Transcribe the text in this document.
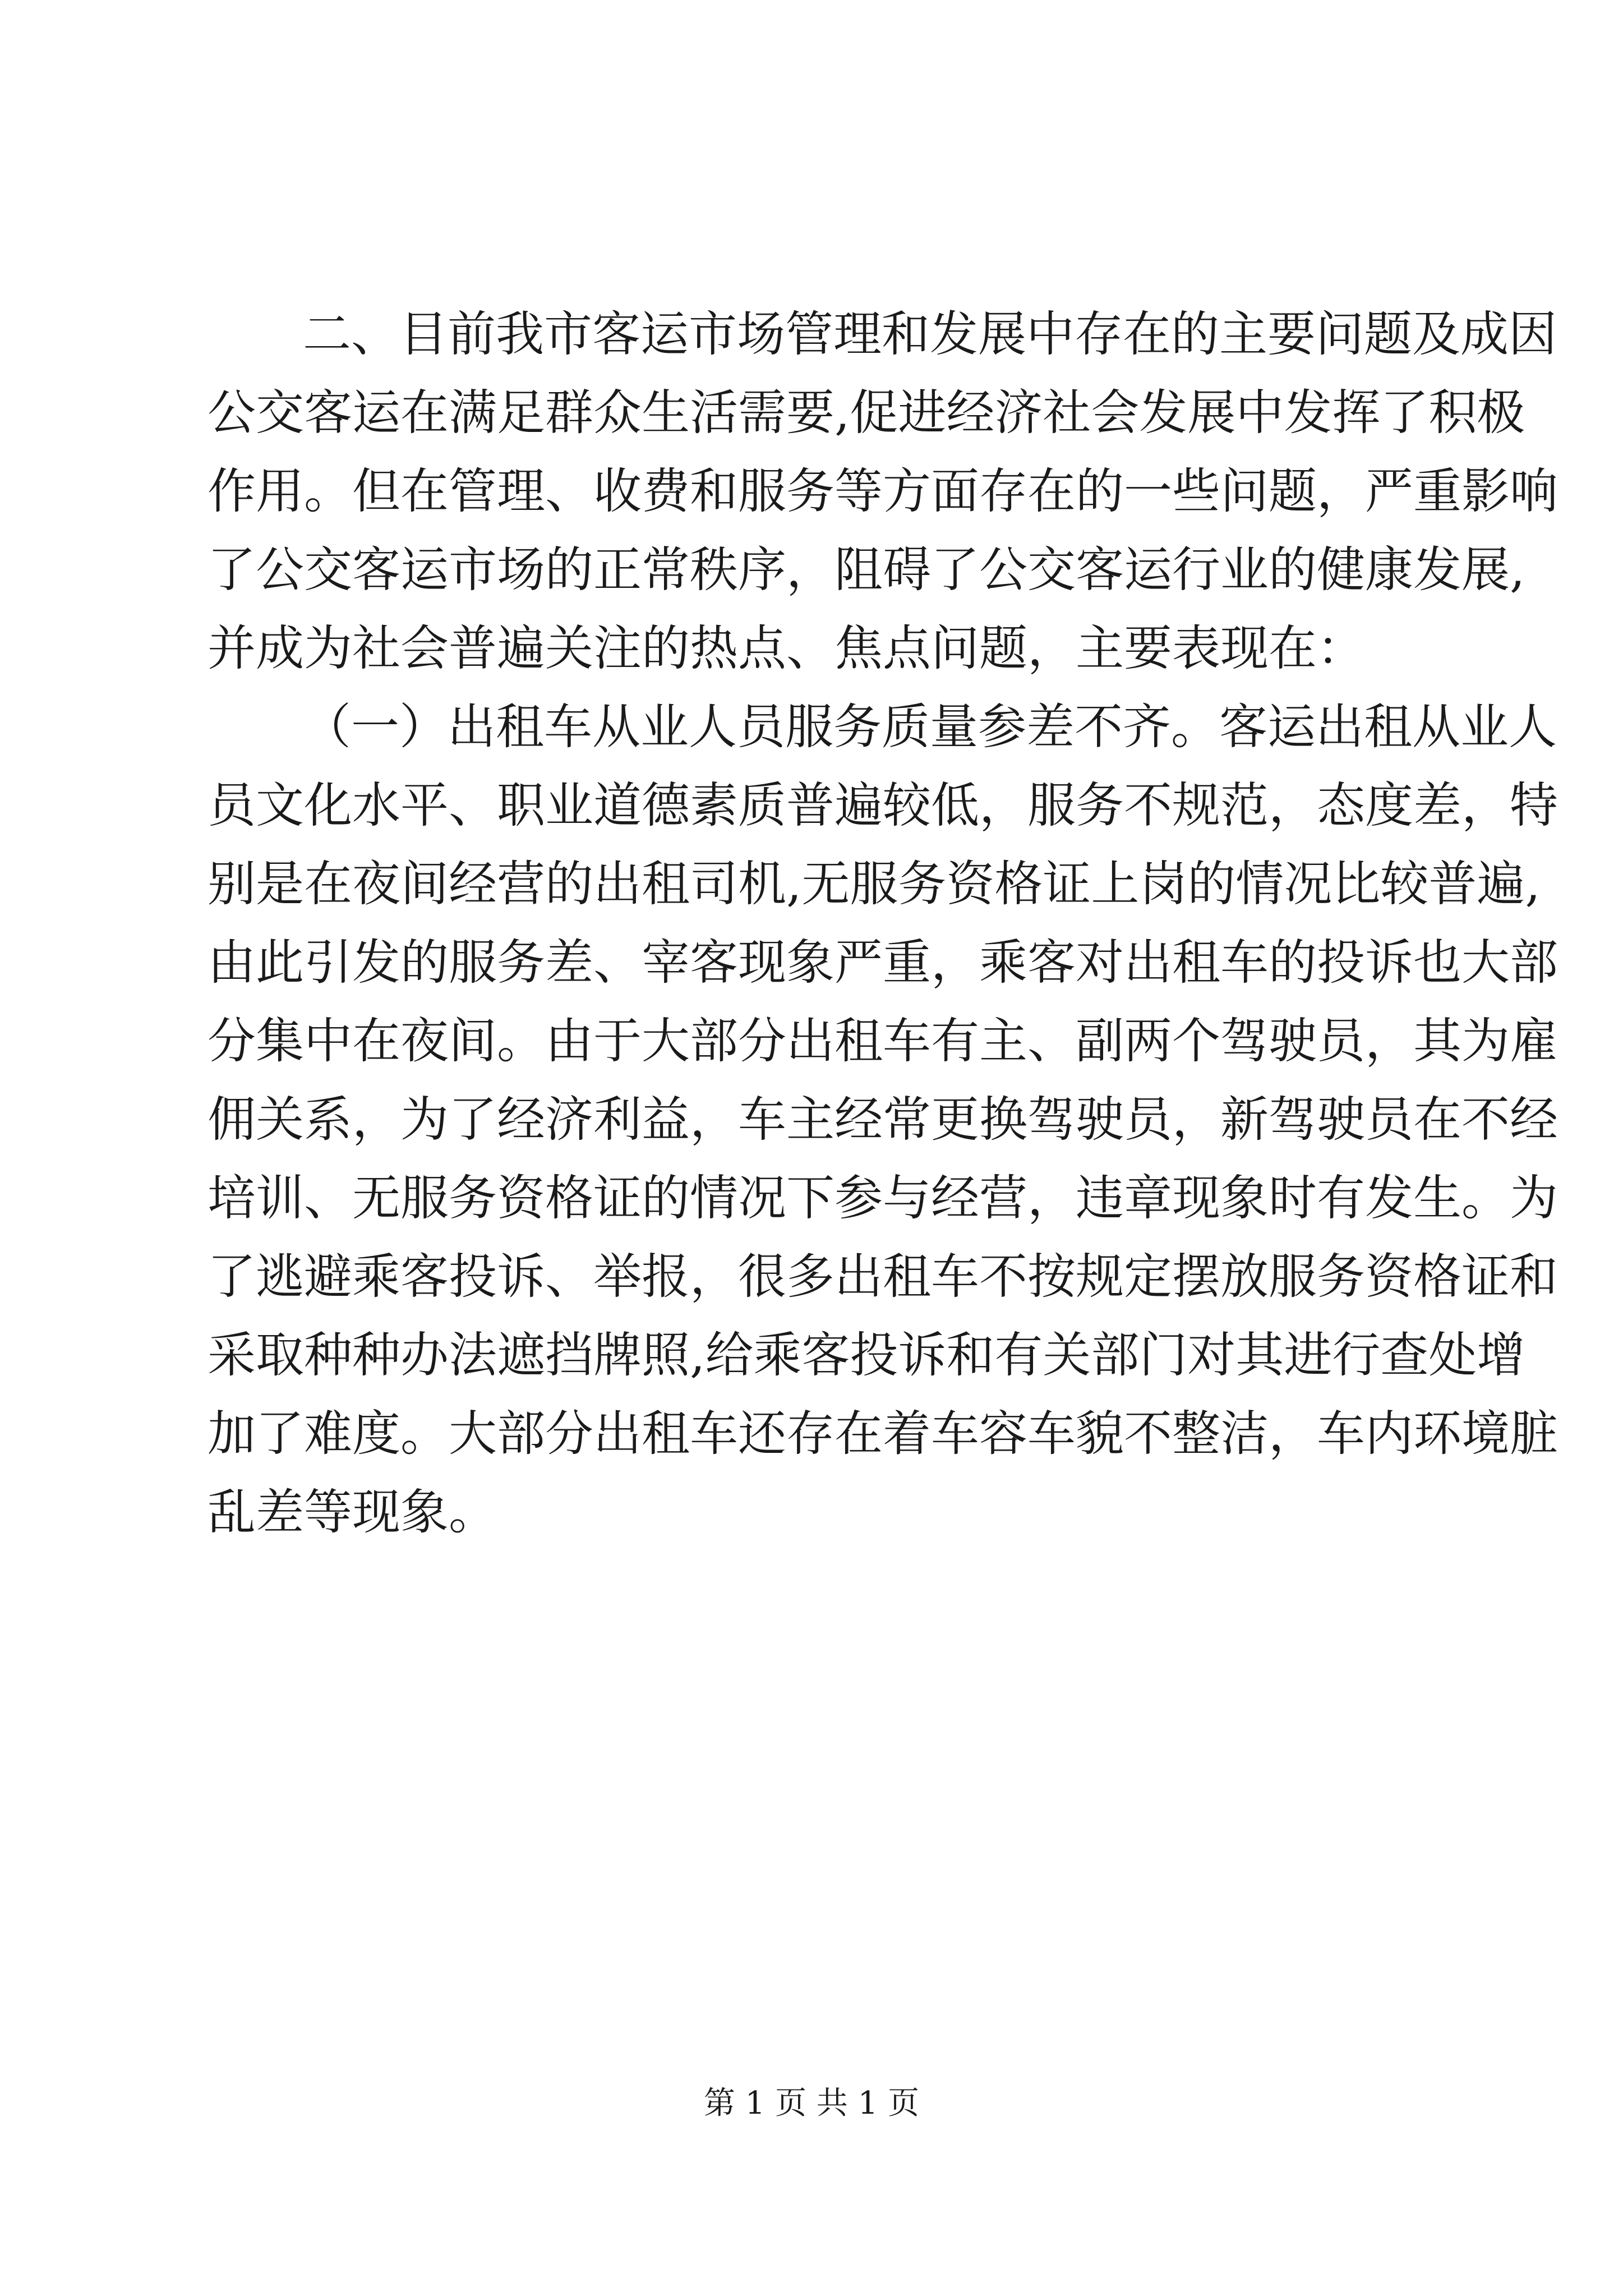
二、目前我市客运市场管理和发展中存在的主要问题及成因
公交客运在满足群众生活需要,促进经济社会发展中发挥了积极
作用。但在管理、收费和服务等方面存在的一些问题，严重影响
了公交客运市场的正常秩序，阻碍了公交客运行业的健康发展,
并成为社会普遍关注的热点、焦点问题，主要表现在：
（一）出租车从业人员服务质量参差不齐。客运出租从业人
员文化水平、职业道德素质普遍较低，服务不规范，态度差，特
别是在夜间经营的出租司机,无服务资格证上岗的情况比较普遍,
由此引发的服务差、宰客现象严重，乘客对出租车的投诉也大部
分集中在夜间。由于大部分出租车有主、副两个驾驶员，其为雇
佣关系，为了经济利益，车主经常更换驾驶员，新驾驶员在不经
培训、无服务资格证的情况下参与经营，违章现象时有发生。为
了逃避乘客投诉、举报，很多出租车不按规定摆放服务资格证和
采取种种办法遮挡牌照,给乘客投诉和有关部门对其进行查处增
加了难度。大部分出租车还存在着车容车貌不整洁，车内环境脏
乱差等现象。
第 1 页 共 1 页
